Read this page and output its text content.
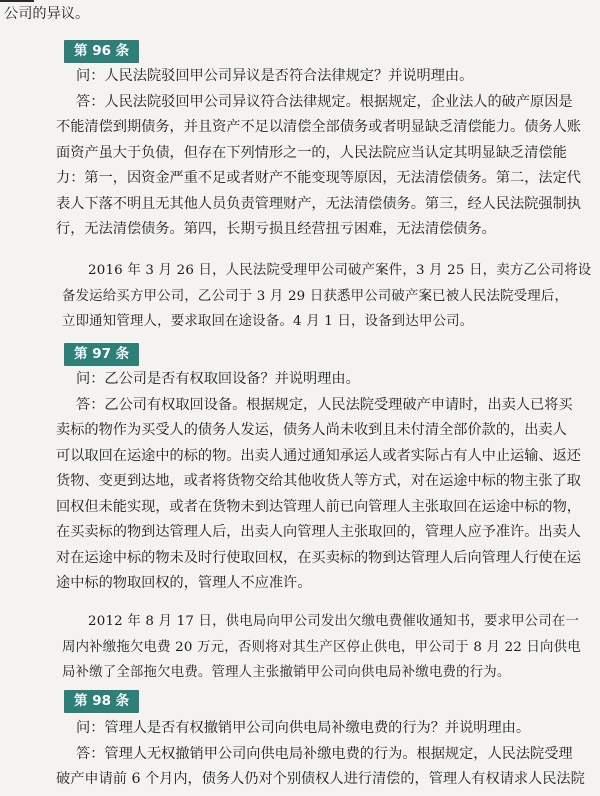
公司的异议。

第 96 条

问：人民法院驳回甲公司异议是否符合法律规定？并说明理由。

答：人民法院驳回甲公司异议符合法律规定。根据规定，企业法人的破产原因是

不能清偿到期债务，并且资产不足以清偿全部债务或者明显缺乏清偿能力。债务人账

面资产虽大于负债，但存在下列情形之一的，人民法院应当认定其明显缺乏清偿能

力：第一，因资金严重不足或者财产不能变现等原因，无法清偿债务。第二，法定代

表人下落不明且无其他人员负责管理财产，无法清偿债务。第三，经人民法院强制执

行，无法清偿债务。第四，长期亏损且经营扭亏困难，无法清偿债务。

2016 年 3 月 26 日，人民法院受理甲公司破产案件，3 月 25 日，卖方乙公司将设

备发运给买方甲公司，乙公司于 3 月 29 日获悉甲公司破产案已被人民法院受理后，

立即通知管理人，要求取回在途设备。4 月 1 日，设备到达甲公司。

第 97 条

问：乙公司是否有权取回设备？并说明理由。

答：乙公司有权取回设备。根据规定，人民法院受理破产申请时，出卖人已将买

卖标的物作为买受人的债务人发运，债务人尚未收到且未付清全部价款的，出卖人

可以取回在运途中的标的物。出卖人通过通知承运人或者实际占有人中止运输、返还

货物、变更到达地，或者将货物交给其他收货人等方式，对在运途中标的物主张了取

回权但未能实现，或者在货物未到达管理人前已向管理人主张取回在运途中标的物，

在买卖标的物到达管理人后，出卖人向管理人主张取回的，管理人应予准许。出卖人

对在运途中标的物未及时行使取回权，在买卖标的物到达管理人后向管理人行使在运

途中标的物取回权的，管理人不应准许。

2012 年 8 月 17 日，供电局向甲公司发出欠缴电费催收通知书，要求甲公司在一

周内补缴拖欠电费 20 万元，否则将对其生产区停止供电，甲公司于 8 月 22 日向供电

局补缴了全部拖欠电费。管理人主张撤销甲公司向供电局补缴电费的行为。

第 98 条

问：管理人是否有权撤销甲公司向供电局补缴电费的行为？并说明理由。

答：管理人无权撤销甲公司向供电局补缴电费的行为。根据规定，人民法院受理

破产申请前 6 个月内，债务人仍对个别债权人进行清偿的，管理人有权请求人民法院
